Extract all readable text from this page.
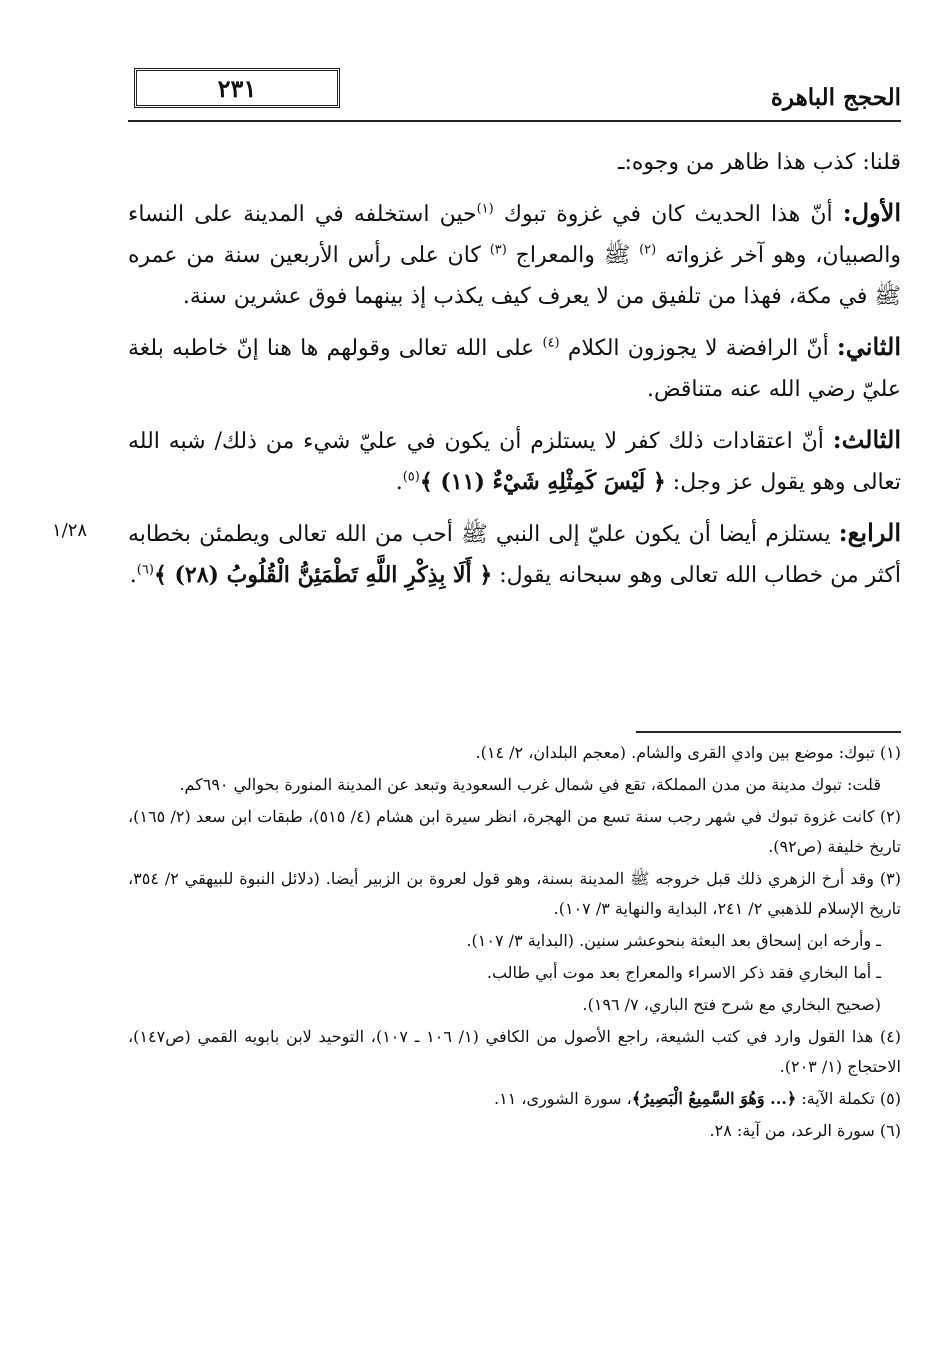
٢٣١	الحجج الباهرة
١/٢٨

قلنا: كذب هذا ظاهر من وجوه:ـ

الأول: أنّ هذا الحديث كان في غزوة تبوك $^{(١)}$حين استخلفه في المدينة على النساء والصبيان، وهو آخر غزواته $^{(٢)}$ ﷺ والمعراج $^{(٣)}$ كان على رأس الأربعين سنة من عمره ﷺ في مكة، فهذا من تلفيق من لا يعرف كيف يكذب إذ بينهما فوق عشرين سنة.

الثاني: أنّ الرافضة لا يجوزون الكلام $^{(٤)}$ على الله تعالى وقولهم ها هنا إنّ خاطبه بلغة عليّ رضي الله عنه متناقض.

الثالث: أنّ اعتقادات ذلك كفر لا يستلزم أن يكون في عليّ شيء من ذلك/ شبه الله تعالى وهو يقول عز وجل: ﴿ لَيْسَ كَمِثْلِهِ شَيْءٌ (١١) ﴾$^{(٥)}$.

الرابع: يستلزم أيضا أن يكون عليّ إلى النبي ﷺ أحب من الله تعالى ويطمئن بخطابه أكثر من خطاب الله تعالى وهو سبحانه يقول: ﴿ أَلَا بِذِكْرِ اللَّهِ تَطْمَئِنُّ الْقُلُوبُ (٢٨) ﴾$^{(٦)}$.

(١) تبوك: موضع بين وادي القرى والشام. (معجم البلدان، ٢/ ١٤).
قلت: تبوك مدينة من مدن المملكة، تقع في شمال غرب السعودية وتبعد عن المدينة المنورة بحوالي ٦٩٠كم.
(٢) كانت غزوة تبوك في شهر رجب سنة تسع من الهجرة، انظر سيرة ابن هشام (٤/ ٥١٥)، طبقات ابن سعد (٢/ ١٦٥)، تاريخ خليفة (ص٩٢).
(٣) وقد أرخ الزهري ذلك قبل خروجه ﷺ المدينة بسنة، وهو قول لعروة بن الزبير أيضا. (دلائل النبوة للبيهقي ٢/ ٣٥٤، تاريخ الإسلام للذهبي ٢/ ٢٤١، البداية والنهاية ٣/ ١٠٧).
ـ وأرخه ابن إسحاق بعد البعثة بنحوعشر سنين. (البداية ٣/ ١٠٧).
ـ أما البخاري فقد ذكر الاسراء والمعراج بعد موت أبي طالب.
(صحيح البخاري مع شرح فتح الباري، ٧/ ١٩٦).
(٤) هذا القول وارد في كتب الشيعة، راجع الأصول من الكافي (١/ ١٠٦ ـ ١٠٧)، التوحيد لابن بابويه القمي (ص١٤٧)، الاحتجاج (١/ ٢٠٣).
(٥) تكملة الآية: ﴿... وَهُوَ السَّمِيعُ الْبَصِيرُ﴾، سورة الشورى، ١١.
(٦) سورة الرعد، من آية: ٢٨.
